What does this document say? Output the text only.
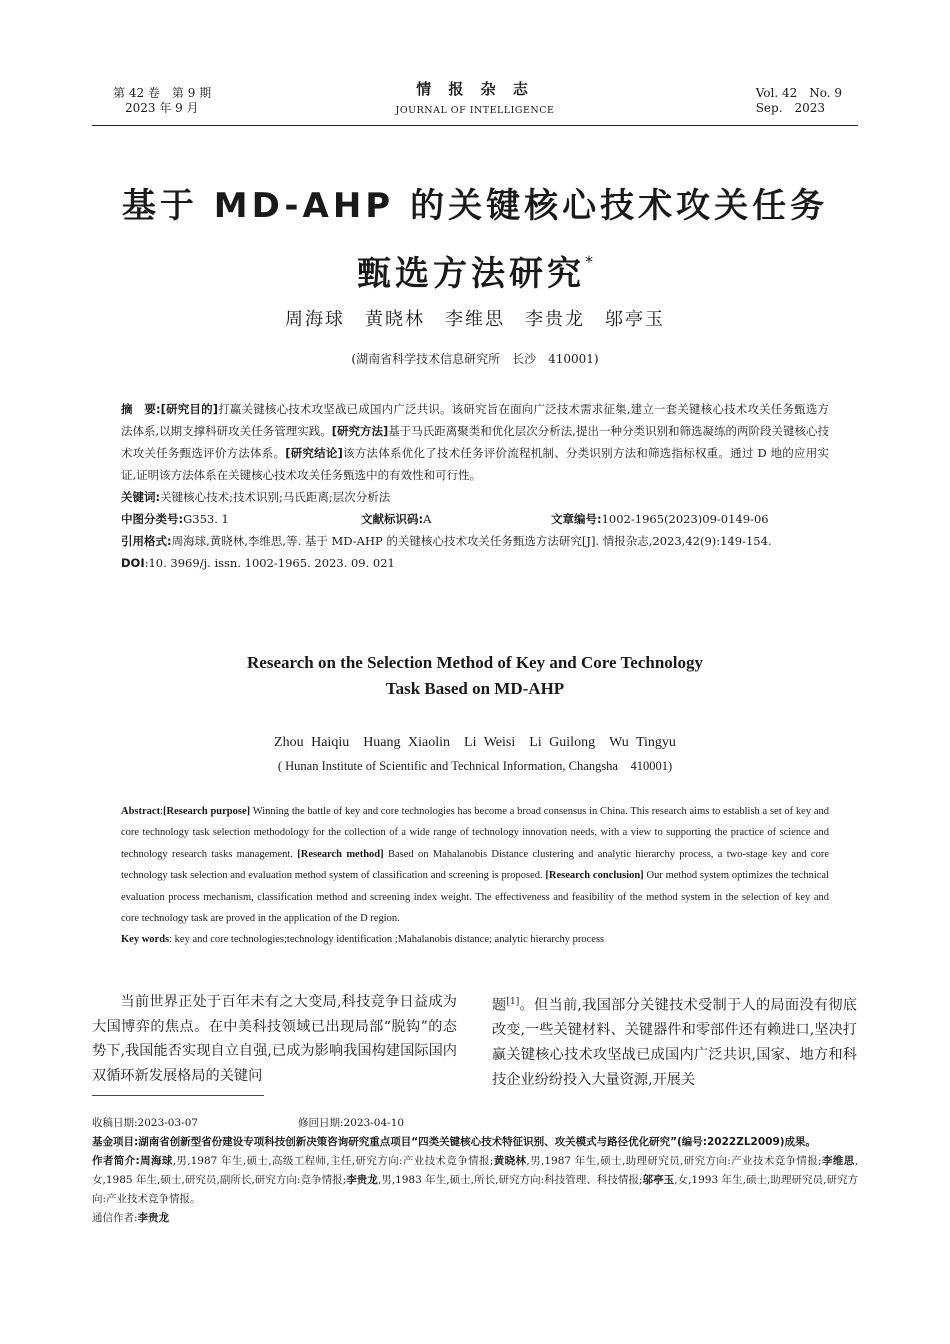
第 42 卷　第 9 期
2023 年 9 月
情 报 杂 志
JOURNAL OF INTELLIGENCE
Vol. 42　No. 9
Sep.　2023
基于 MD-AHP 的关键核心技术攻关任务
甄选方法研究*
周海球　黄晓林　李维思　李贵龙　邬亭玉
(湖南省科学技术信息研究所　长沙　410001)
摘　要:[研究目的]打赢关键核心技术攻坚战已成国内广泛共识。该研究旨在面向广泛技术需求征集,建立一套关键核心技术攻关任务甄选方法体系,以期支撑科研攻关任务管理实践。[研究方法]基于马氏距离聚类和优化层次分析法,提出一种分类识别和筛选凝练的两阶段关键核心技术攻关任务甄选评价方法体系。[研究结论]该方法体系优化了技术任务评价流程机制、分类识别方法和筛选指标权重。通过 D 地的应用实证,证明该方法体系在关键核心技术攻关任务甄选中的有效性和可行性。
关键词:关键核心技术;技术识别;马氏距离;层次分析法
中图分类号:G353. 1	文献标识码:A	文章编号:1002-1965(2023)09-0149-06
引用格式:周海球,黄晓林,李维思,等. 基于 MD-AHP 的关键核心技术攻关任务甄选方法研究[J]. 情报杂志,2023,42(9):149-154.
DOI:10. 3969/j. issn. 1002-1965. 2023. 09. 021
Research on the Selection Method of Key and Core Technology
Task Based on MD-AHP
Zhou Haiqiu　Huang Xiaolin　Li Weisi　Li Guilong　Wu Tingyu
( Hunan Institute of Scientific and Technical Information, Changsha　410001)
Abstract:[Research purpose] Winning the battle of key and core technologies has become a broad consensus in China. This research aims to establish a set of key and core technology task selection methodology for the collection of a wide range of technology innovation needs, with a view to supporting the practice of science and technology research tasks management. [Research method] Based on Mahalanobis Distance clustering and analytic hierarchy process, a two-stage key and core technology task selection and evaluation method system of classification and screening is proposed. [Research conclusion] Our method system optimizes the technical evaluation process mechanism, classification method and screening index weight. The effectiveness and feasibility of the method system in the selection of key and core technology task are proved in the application of the D region.
Key words: key and core technologies;technology identification ;Mahalanobis distance; analytic hierarchy process
当前世界正处于百年未有之大变局,科技竞争日益成为大国博弈的焦点。在中美科技领域已出现局部“脱钩”的态势下,我国能否实现自立自强,已成为影响我国构建国际国内双循环新发展格局的关键问
题[1]。但当前,我国部分关键技术受制于人的局面没有彻底改变,一些关键材料、关键器件和零部件还有赖进口,坚决打赢关键核心技术攻坚战已成国内广泛共识,国家、地方和科技企业纷纷投入大量资源,开展关
收稿日期:2023-03-07	修回日期:2023-04-10
基金项目:湖南省创新型省份建设专项科技创新决策咨询研究重点项目“四类关键核心技术特征识别、攻关模式与路径优化研究”(编号:2022ZL2009)成果。
作者简介:周海球,男,1987 年生,硕士,高级工程师,主任,研究方向:产业技术竞争情报;黄晓林,男,1987 年生,硕士,助理研究员,研究方向:产业技术竞争情报;李维思,女,1985 年生,硕士,研究员,副所长,研究方向:竞争情报;李贵龙,男,1983 年生,硕士,所长,研究方向:科技管理、科技情报;邬亭玉,女,1993 年生,硕士,助理研究员,研究方向:产业技术竞争情报。
通信作者:李贵龙
